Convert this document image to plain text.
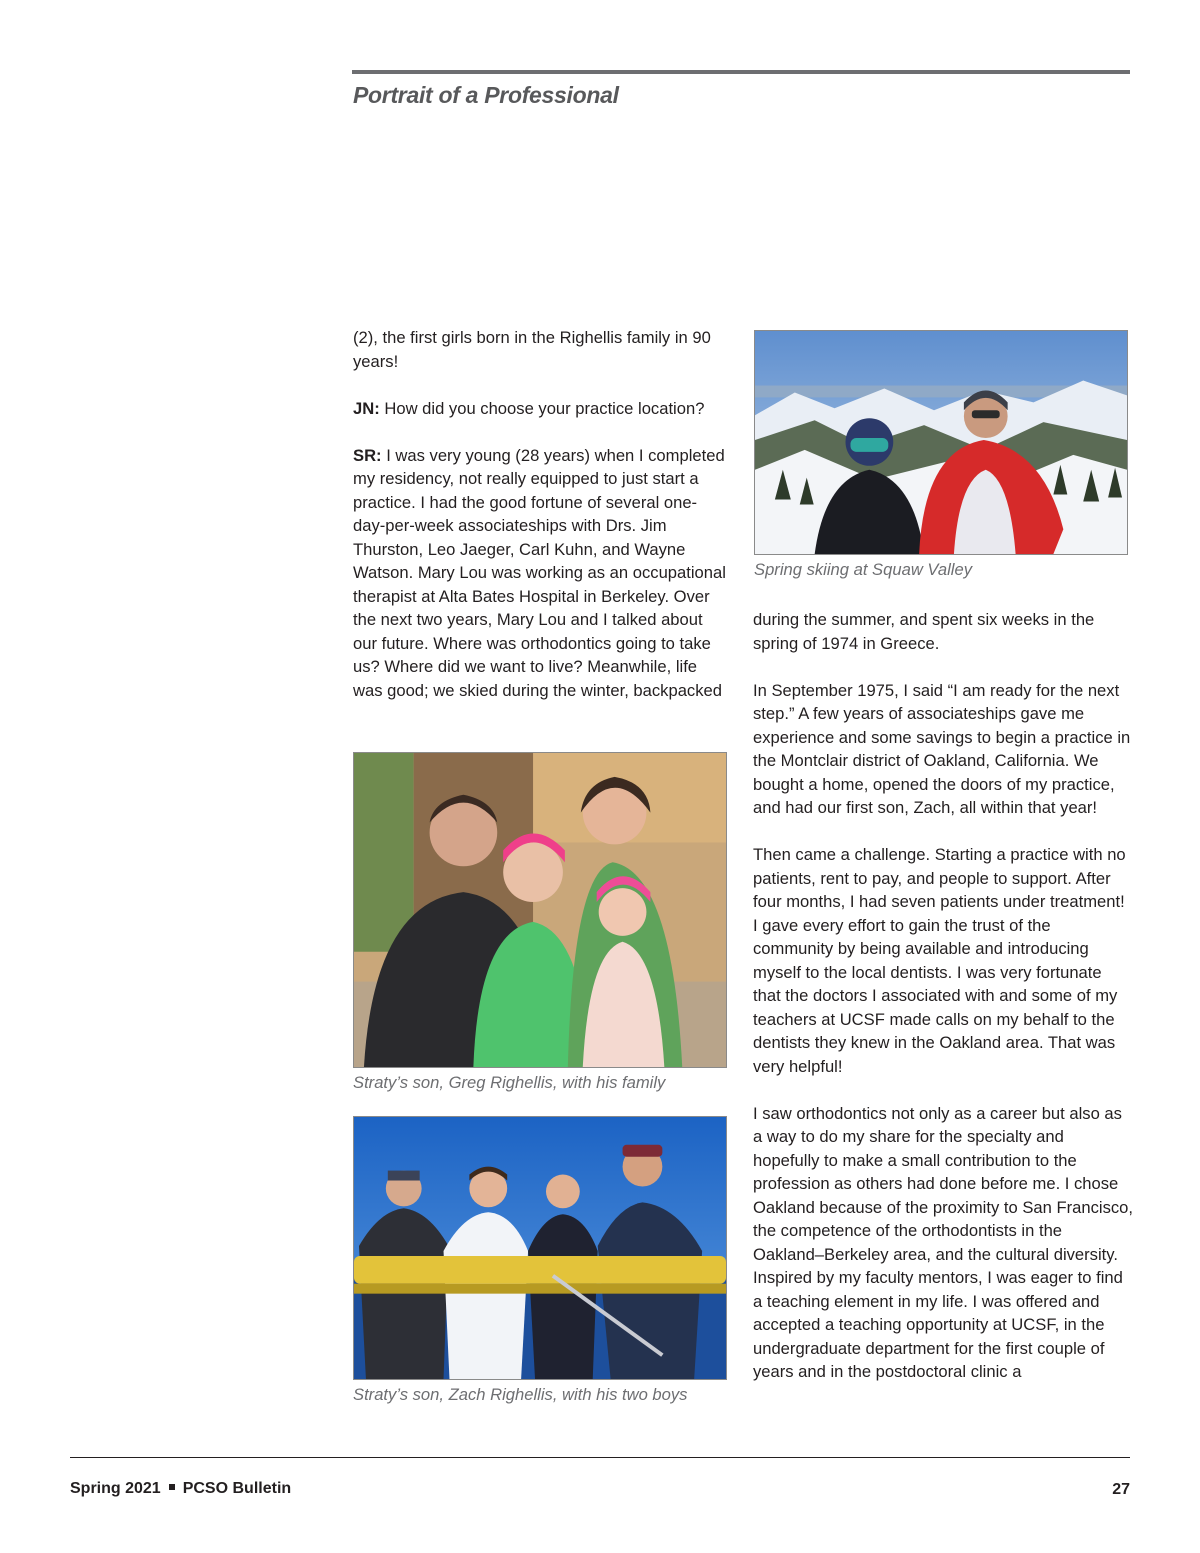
Portrait of a Professional

(2), the first girls born in the Righellis family in 90 years!

JN: How did you choose your practice location?

SR: I was very young (28 years) when I completed my residency, not really equipped to just start a practice. I had the good fortune of several one-day-per-week associateships with Drs. Jim Thurston, Leo Jaeger, Carl Kuhn, and Wayne Watson. Mary Lou was working as an occupational therapist at Alta Bates Hospital in Berkeley. Over the next two years, Mary Lou and I talked about our future. Where was orthodontics going to take us? Where did we want to live? Meanwhile, life was good; we skied during the winter, backpacked

Spring skiing at Squaw Valley

during the summer, and spent six weeks in the spring of 1974 in Greece.

In September 1975, I said “I am ready for the next step.” A few years of associateships gave me experience and some savings to begin a practice in the Montclair district of Oakland, California. We bought a home, opened the doors of my practice, and had our first son, Zach, all within that year!

Then came a challenge. Starting a practice with no patients, rent to pay, and people to support. After four months, I had seven patients under treatment! I gave every effort to gain the trust of the community by being available and introducing myself to the local dentists. I was very fortunate that the doctors I associated with and some of my teachers at UCSF made calls on my behalf to the dentists they knew in the Oakland area. That was very helpful!

I saw orthodontics not only as a career but also as a way to do my share for the specialty and hopefully to make a small contribution to the profession as others had done before me. I chose Oakland because of the proximity to San Francisco, the competence of the orthodontists in the Oakland–Berkeley area, and the cultural diversity. Inspired by my faculty mentors, I was eager to find a teaching element in my life. I was offered and accepted a teaching opportunity at UCSF, in the undergraduate department for the first couple of years and in the postdoctoral clinic a

Straty’s son, Greg Righellis, with his family

Straty’s son, Zach Righellis, with his two boys

Spring 2021 PCSO Bulletin	27
